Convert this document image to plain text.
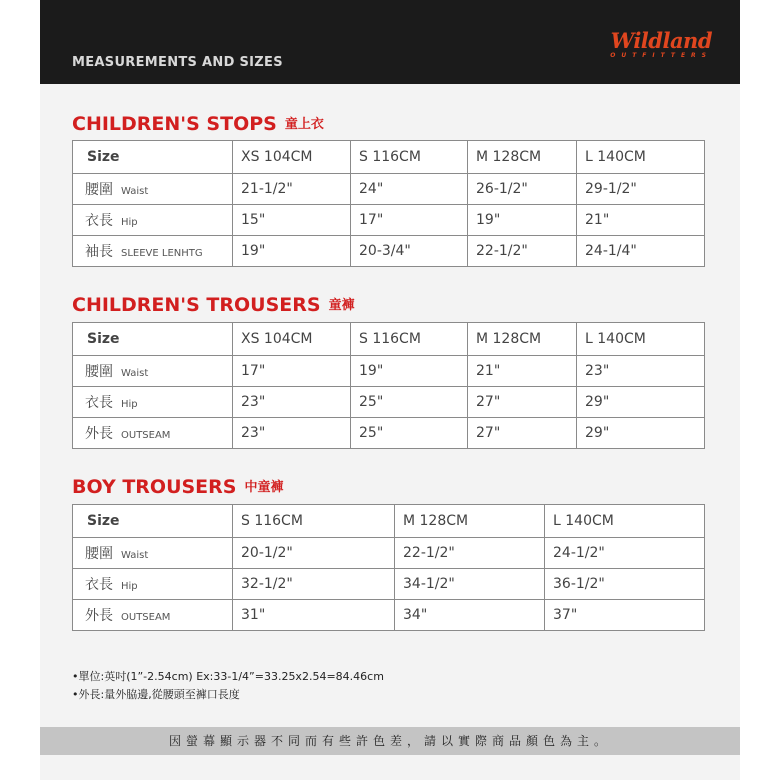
MEASUREMENTS AND SIZES
Wildland
OUTFITTERS
CHILDREN'S STOPS 童上衣
Size	XS 104CM	S 116CM	M 128CM	L 140CM
腰圍 Waist	21-1/2"	24"	26-1/2"	29-1/2"
衣長 Hip	15"	17"	19"	21"
袖長 SLEEVE LENHTG	19"	20-3/4"	22-1/2"	24-1/4"
CHILDREN'S TROUSERS 童褲
Size	XS 104CM	S 116CM	M 128CM	L 140CM
腰圍 Waist	17"	19"	21"	23"
衣長 Hip	23"	25"	27"	29"
外長 OUTSEAM	23"	25"	27"	29"
BOY TROUSERS 中童褲
Size	S 116CM	M 128CM	L 140CM
腰圍 Waist	20-1/2"	22-1/2"	24-1/2"
衣長 Hip	32-1/2"	34-1/2"	36-1/2"
外長 OUTSEAM	31"	34"	37"
•單位:英吋(1”-2.54cm) Ex:33-1/4”=33.25x2.54=84.46cm
•外長:量外脇邊,從腰頭至褲口長度
因螢幕顯示器不同而有些許色差，請以實際商品顏色為主。
